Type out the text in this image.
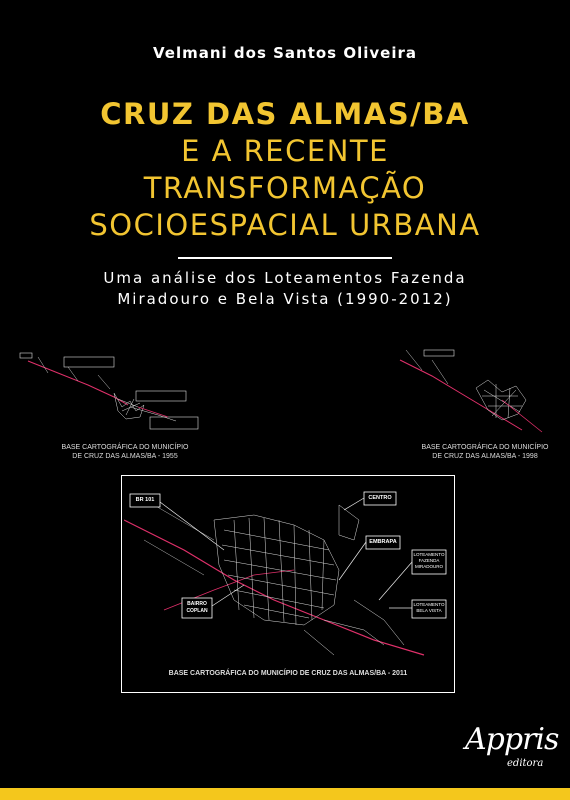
Velmani dos Santos Oliveira
CRUZ DAS ALMAS/BA
E A RECENTE
TRANSFORMAÇÃO
SOCIOESPACIAL URBANA
Uma análise dos Loteamentos Fazenda
Miradouro e Bela Vista (1990-2012)
BASE CARTOGRÁFICA DO MUNICÍPIO
DE CRUZ DAS ALMAS/BA - 1955
BASE CARTOGRÁFICA DO MUNICÍPIO
DE CRUZ DAS ALMAS/BA - 1998
BR 101	CENTRO
EMBRAPA
LOTEAMENTO
FAZENDA
MIRADOURO
LOTEAMENTO
BELA VISTA
BAIRRO
COPLAN
BASE CARTOGRÁFICA DO MUNICÍPIO DE CRUZ DAS ALMAS/BA - 2011
Appris
editora
